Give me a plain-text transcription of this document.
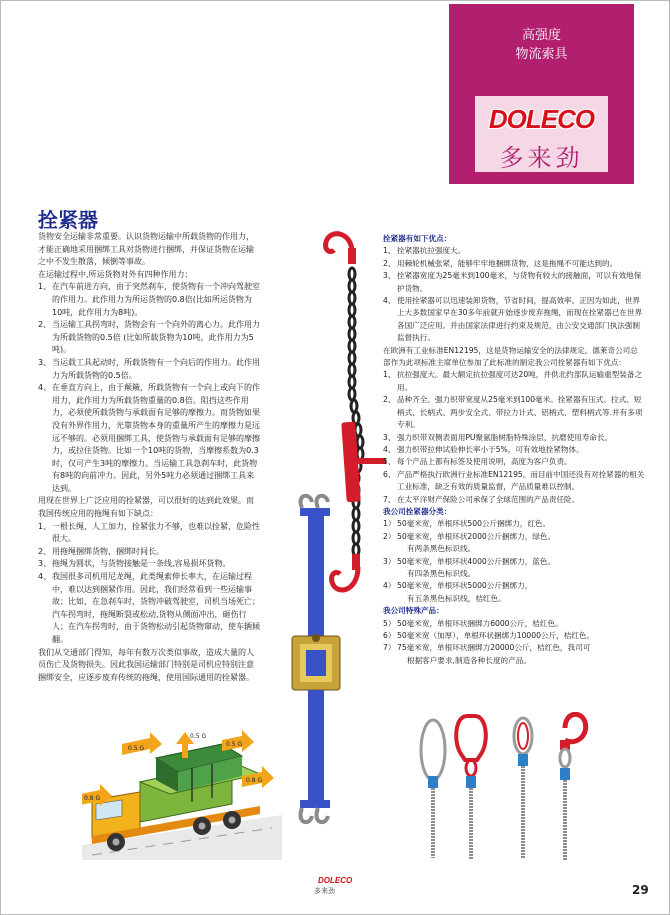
高强度
物流索具
DOLECO
多来劲
拴紧器
货物安全运输非常重要。认识货物运输中所载货物的作用力，才能正确地采用捆绑工具对货物进行捆绑，并保证货物在运输之中不发生散落，倾倒等事故。
在运输过程中,所运货物对外有四种作用力：
1、 在汽车前进方向，由于突然刹车，使货物有一个冲向驾驶室的作用力。此作用力为所运货物的0.8倍(比如所运货物为10吨，此作用力为8吨)。
2、 当运输工具拐弯时，货物会有一个向外的离心力。此作用力为所载货物的0.5倍 (比如所载货物为10吨，此作用力为5吨)。
3、 当运载工具起动时，所载货物有一个向后的作用力。此作用力为所载货物的0.5倍。
4、 在垂直方向上，由于颠簸，所载货物有一个向上或向下的作用力，此作用力为所载货物重量的0.8倍。阻挡这些作用力，必须使所载货物与承载面有足够的摩擦力。而货物如果没有外界作用力，光靠货物本身的重量所产生的摩擦力是远远不够的。必须用捆绑工具，使货物与承载面有足够的摩擦力，或拉住货物。比如一个10吨的货物，当摩擦系数为0.3时，仅可产生3吨的摩擦力。当运输工具急刹车时，此货物有8吨的向前冲力。因此，另外5吨力必须通过捆绑工具来达到。
用现在世界上广泛应用的拴紧器，可以很好的达到此效果。而我国传统应用的拖绳有如下缺点：
1、 一根长绳，人工加力，拴紧张力不够，也难以拴紧，危险性很大。
2、 用拖绳捆绑货物，捆绑时间长。
3、 拖绳为圆状，与货物接触是一条线,容易损坏货物。
4、 我国很多司机用尼龙绳，此类绳索伸长率大，在运输过程中，难以达到捆紧作用。因此，我们经常看到一些运输事故；比如，在急刹车时，货物冲破驾驶室，司机当场死亡；汽车拐弯时，拖绳断裂或松动,货物从侧面冲出，砸伤行人；在汽车拐弯时，由于货物松动引起货物窜动，使车辆倾翻。
我们从交通部门得知，每年有数万次类似事故，造成大量的人员伤亡及货物损失。因此我国运输部门特别是司机应特别注意捆绑安全，应逐步废弃传统的拖绳，使用国际通用的拴紧器。
0.5 G
0.5 G
0.8 G
0.8 G
0.5 G
拴紧器有如下优点：
1、 拴紧器抗拉强度大。
2、 用棘轮机械张紧，能够牢牢地捆绑货物，这是拖绳不可能达到的。
3、 拴紧器宽度为25毫米到100毫米，与货物有较大的接触面，可以有效地保护货物。
4、 使用拴紧器可以迅速装卸货物，节省时间，提高效率。正因为如此，世界上大多数国家早在30多年前就开始逐步废弃拖绳，而现在拴紧器已在世界各国广泛应用。并由国家法律进行约束及规范，由公安交通部门执法强制监督执行。
在欧洲有工业标准EN12195，这是货物运输安全的法律规定。德莱奇公司总部作为此项标准主席单位参加了此标准的制定我公司拴紧器有如下优点：
1、 抗拉强度大。最大额定抗拉强度可达20吨，并供北约部队运输重型装备之用。
2、 品种齐全。强力织带宽度从25毫米到100毫米。拴紧器有压式、拉式、短柄式、长柄式、两步安全式、带拉力计式、铝柄式、塑料柄式等.并有多项专利。
3、 强力织带双侧表面用PU聚氨脂树脂特殊涂层，抗磨使用寿命长。
4、 强力织带拉伸试验伸长率小于5%，可有效地拴紧物体。
5、 每个产品上都有标签及使用说明，高度为客户负责。
6、 产品严格执行欧洲行业标准EN12195。而目前中国还没有对拴紧器的相关工业标准，缺乏有效的质量监督，产品质量难以控制。
7、 在太平洋财产保险公司承保了全球范围的产品责任险。
我公司拴紧器分类：
1） 50毫米宽，单根环状500公斤捆绑力，红色。
2） 50毫米宽，单根环状2000公斤捆绑力，绿色。
有两条黑色标识线。
3） 50毫米宽，单根环状4000公斤捆绑力，蓝色。
有四条黑色标识线。
4） 50毫米宽，单根环状5000公斤捆绑力，
有五条黑色标识线，桔红色。
我公司特殊产品：
5） 50毫米宽，单根环状捆绑力6000公斤，桔红色。
6） 50毫米宽（加厚），单根环状捆绑力10000公斤，桔红色。
7） 75毫米宽，单根环状捆绑力20000公斤，桔红色，我司可
根据客户要求,制造各种长度的产品。
DOLECO
多来劲	29
